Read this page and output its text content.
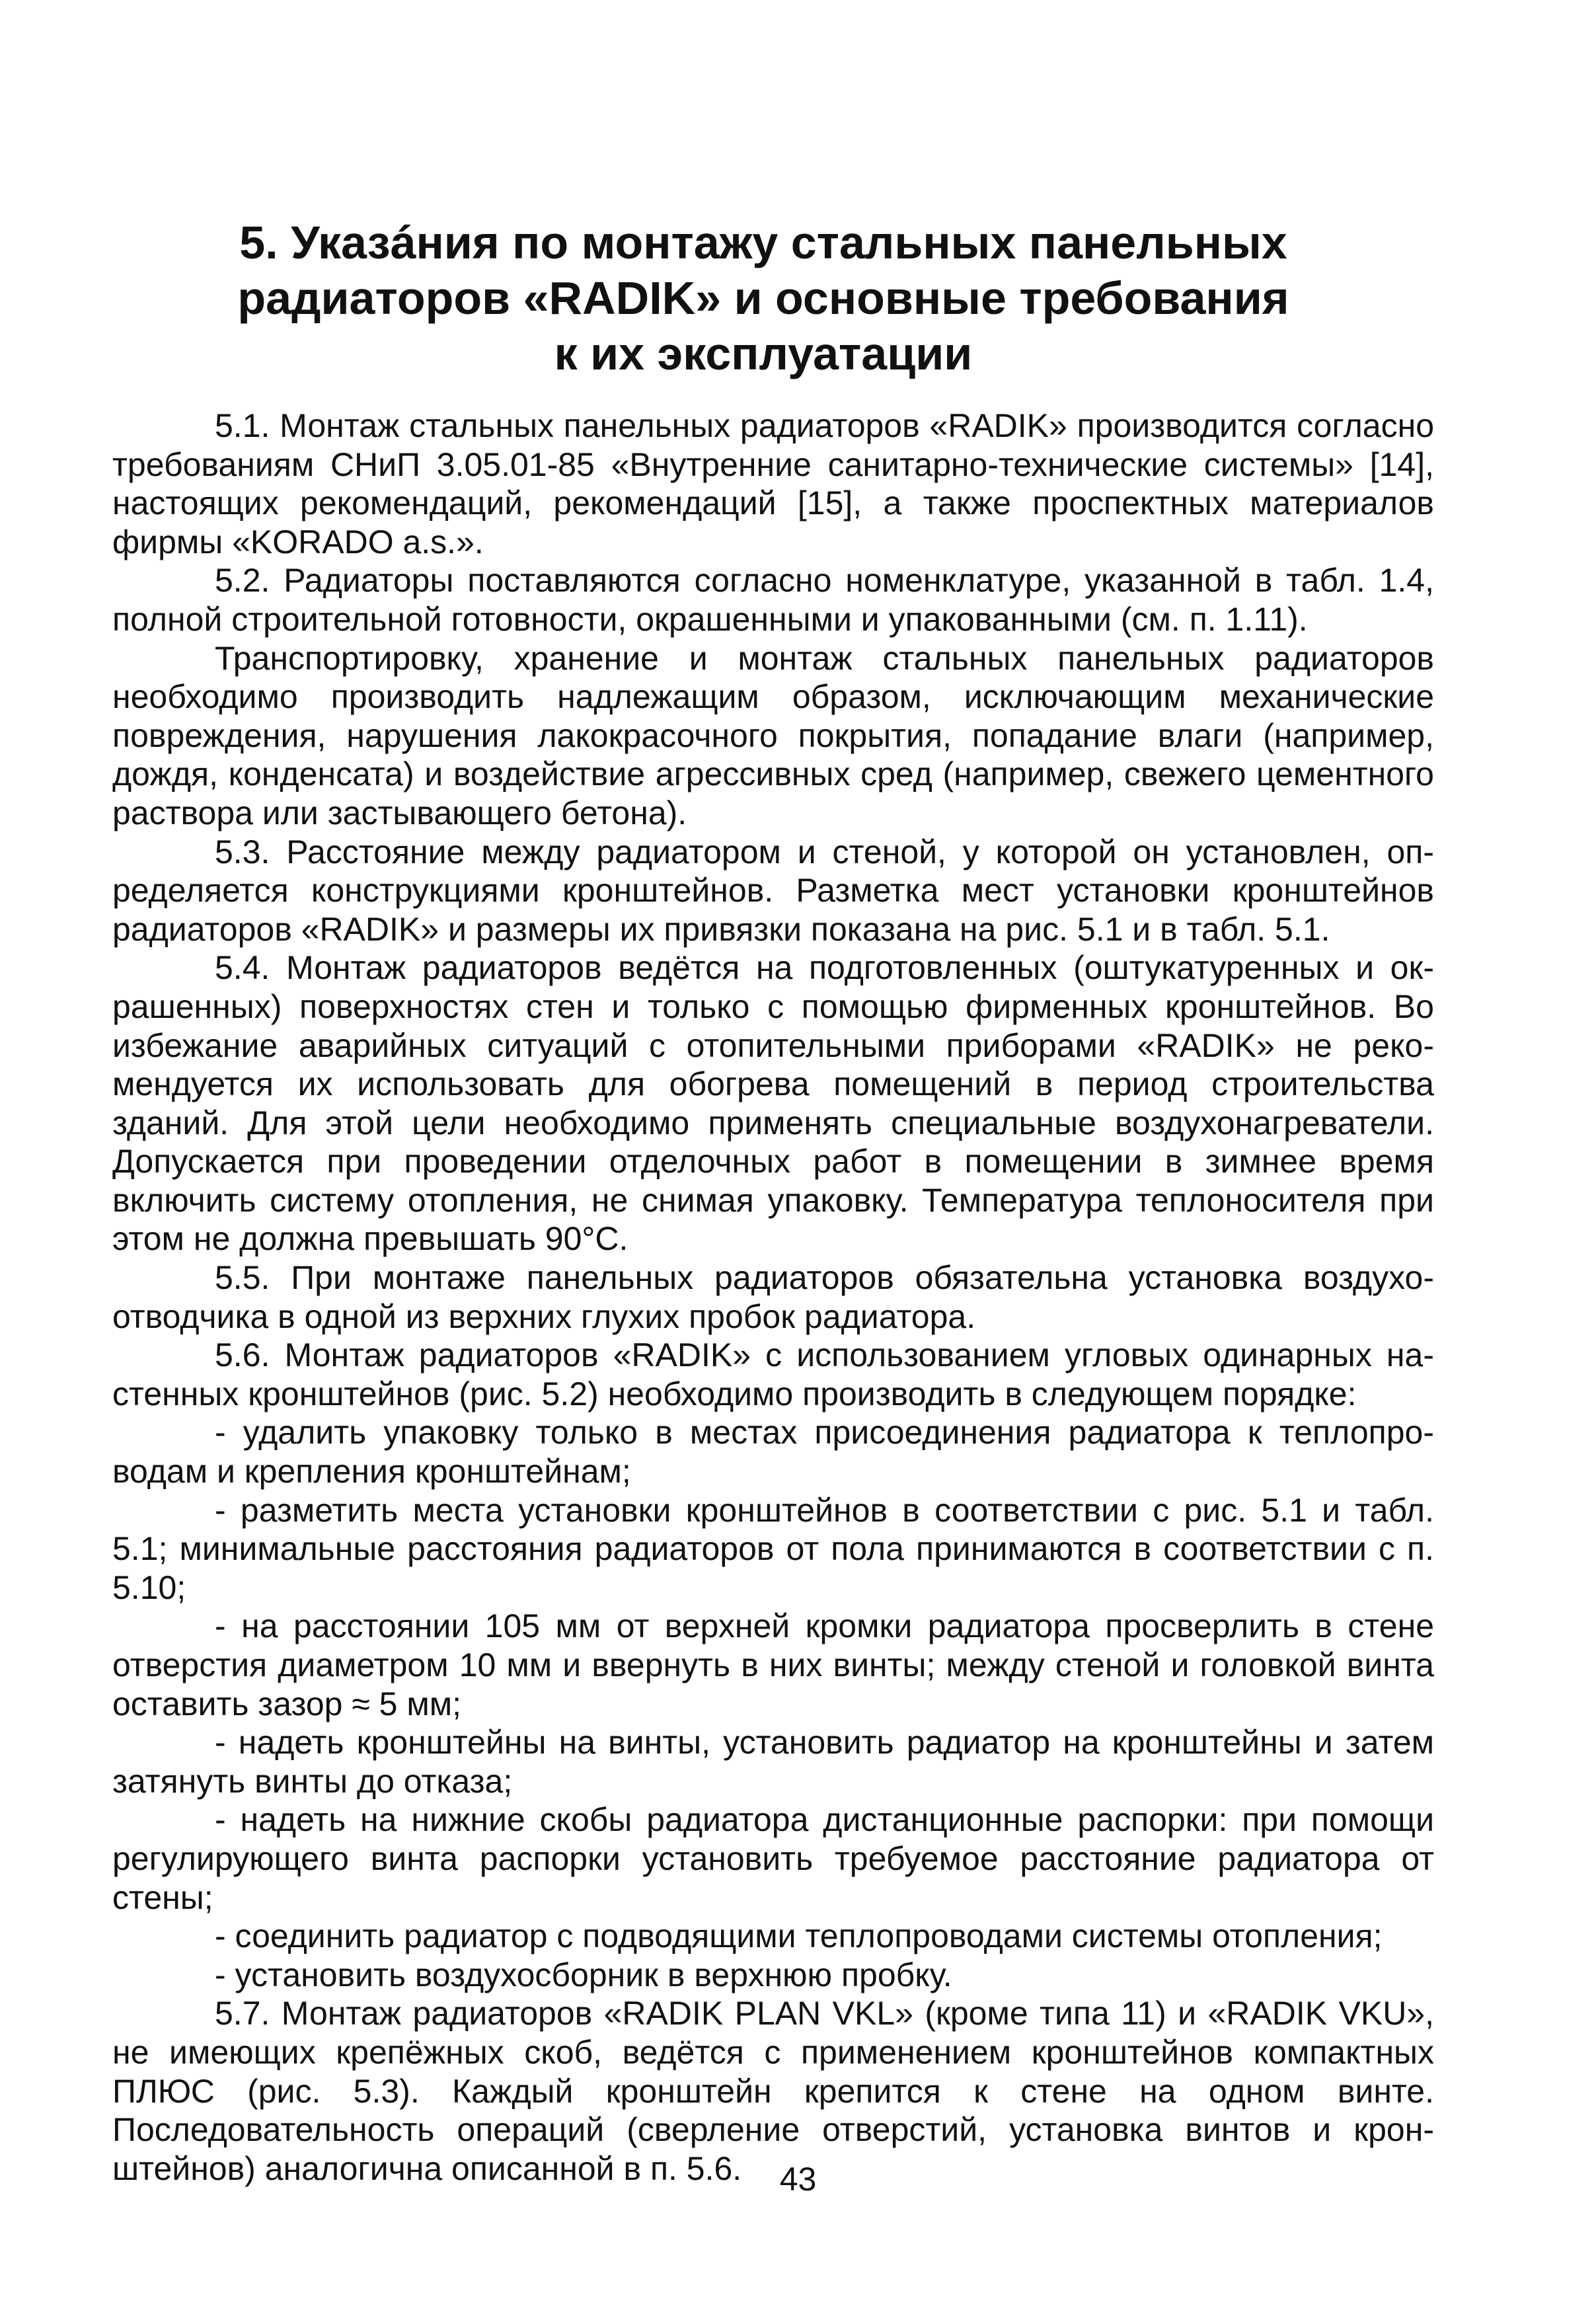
5. Указáния по монтажу стальных панельных
радиаторов «RADIK» и основные требования
к их эксплуатации

5.1. Монтаж стальных панельных радиаторов «RADIK» производится согласно требованиям СНиП 3.05.01-85 «Внутренние санитарно-технические системы» [14], настоящих рекомендаций, рекомендаций [15], а также проспектных материалов фирмы «KORADO a.s.».

5.2. Радиаторы поставляются согласно номенклатуре, указанной в табл. 1.4, полной строительной готовности, окрашенными и упакованными (см. п. 1.11).

Транспортировку, хранение и монтаж стальных панельных радиаторов необходимо производить надлежащим образом, исключающим механические повреждения, нарушения лакокрасочного покрытия, попадание влаги (например, дождя, конденсата) и воздействие агрессивных сред (например, свежего цементного раствора или застывающего бетона).

5.3. Расстояние между радиатором и стеной, у которой он установлен, определяется конструкциями кронштейнов. Разметка мест установки кронштейнов радиаторов «RADIK» и размеры их привязки показана на рис. 5.1 и в табл. 5.1.

5.4. Монтаж радиаторов ведётся на подготовленных (оштукатуренных и окрашенных) поверхностях стен и только с помощью фирменных кронштейнов. Во избежание аварийных ситуаций с отопительными приборами «RADIK» не рекомендуется их использовать для обогрева помещений в период строительства зданий. Для этой цели необходимо применять специальные воздухонагреватели. Допускается при проведении отделочных работ в помещении в зимнее время включить систему отопления, не снимая упаковку. Температура теплоносителя при этом не должна превышать 90°C.

5.5. При монтаже панельных радиаторов обязательна установка воздухоотводчика в одной из верхних глухих пробок радиатора.

5.6. Монтаж радиаторов «RADIK» с использованием угловых одинарных настенных кронштейнов (рис. 5.2) необходимо производить в следующем порядке:

- удалить упаковку только в местах присоединения радиатора к теплопроводам и крепления кронштейнам;

- разметить места установки кронштейнов в соответствии с рис. 5.1 и табл. 5.1; минимальные расстояния радиаторов от пола принимаются в соответствии с п. 5.10;

- на расстоянии 105 мм от верхней кромки радиатора просверлить в стене отверстия диаметром 10 мм и ввернуть в них винты; между стеной и головкой винта оставить зазор ≈ 5 мм;

- надеть кронштейны на винты, установить радиатор на кронштейны и затем затянуть винты до отказа;

- надеть на нижние скобы радиатора дистанционные распорки: при помощи регулирующего винта распорки установить требуемое расстояние радиатора от стены;

- соединить радиатор с подводящими теплопроводами системы отопления;

- установить воздухосборник в верхнюю пробку.

5.7. Монтаж радиаторов «RADIK PLAN VKL» (кроме типа 11) и «RADIK VKU», не имеющих крепёжных скоб, ведётся с применением кронштейнов компактных ПЛЮС (рис. 5.3). Каждый кронштейн крепится к стене на одном винте. Последовательность операций (сверление отверстий, установка винтов и кронштейнов) аналогична описанной в п. 5.6.	43
